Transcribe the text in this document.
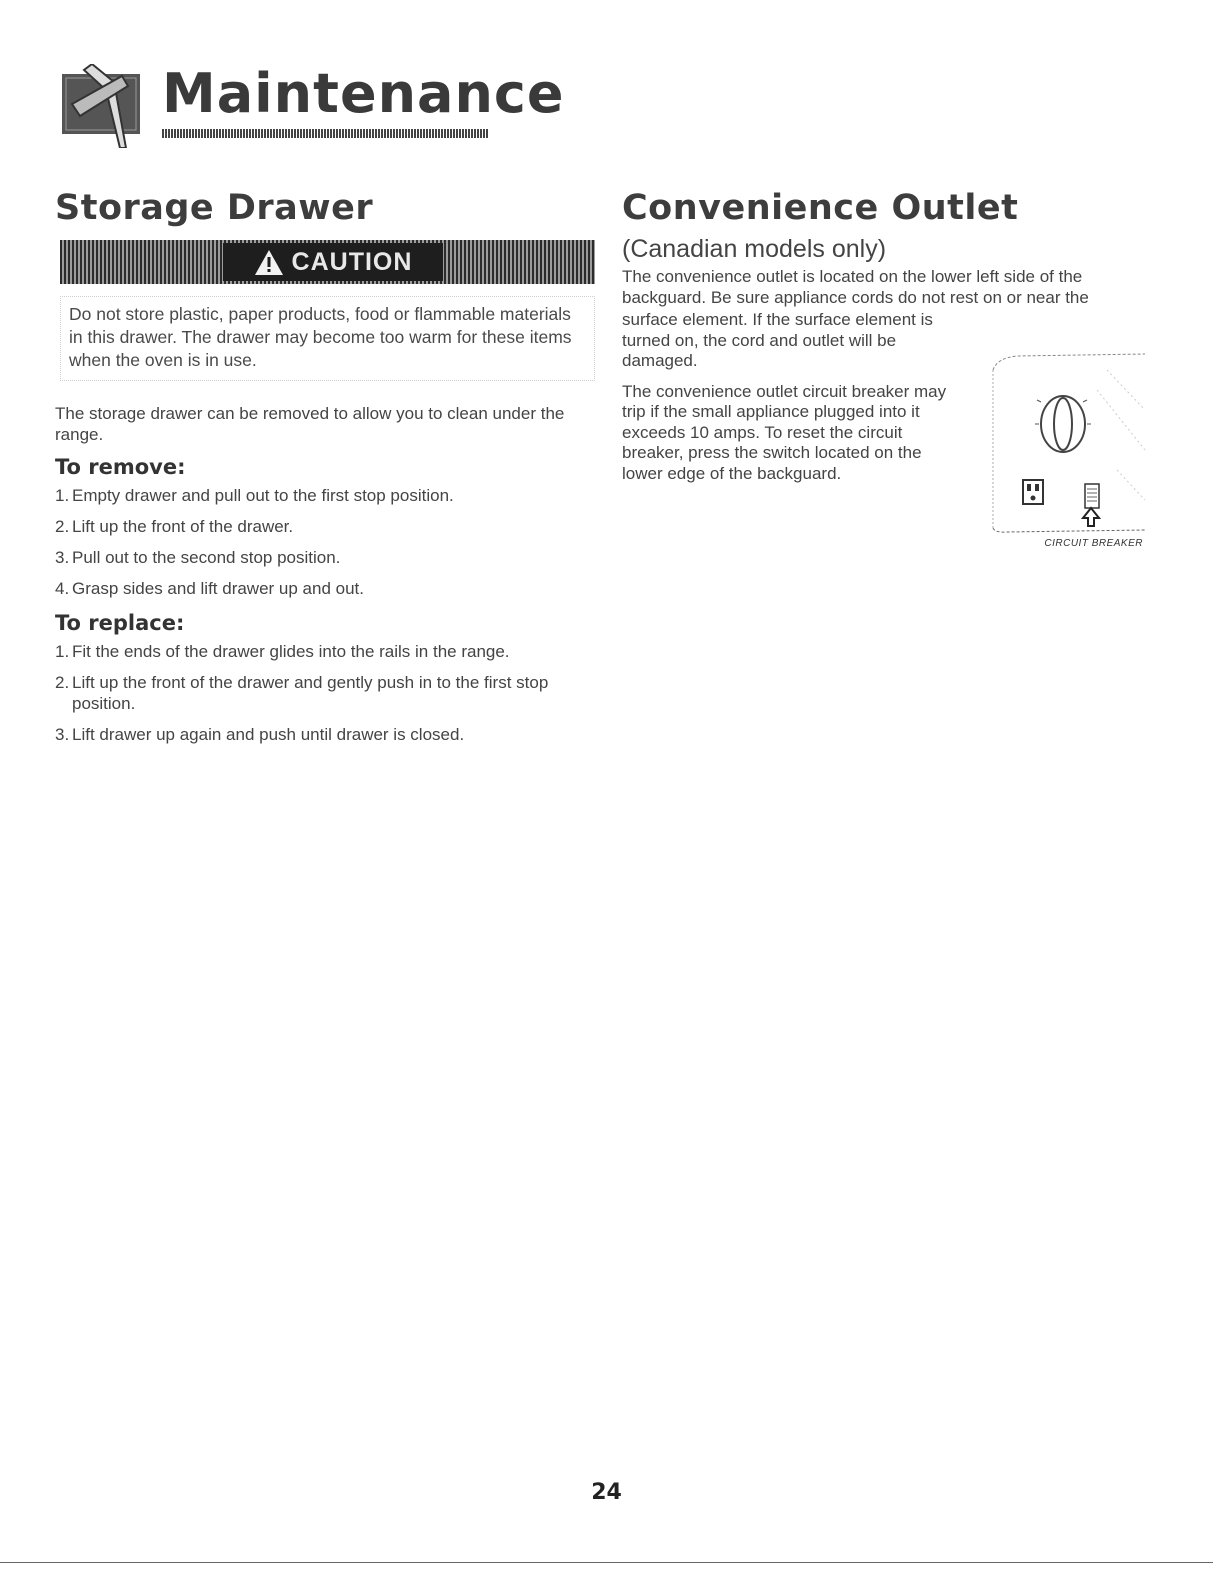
Maintenance
Storage Drawer
CAUTION
Do not store plastic, paper products, food or flammable materials in this drawer. The drawer may become too warm for these items when the oven is in use.

The storage drawer can be removed to allow you to clean under the range.

To remove:
1. Empty drawer and pull out to the first stop position.
2. Lift up the front of the drawer.
3. Pull out to the second stop position.
4. Grasp sides and lift drawer up and out.
To replace:
1. Fit the ends of the drawer glides into the rails in the range.
2. Lift up the front of the drawer and gently push in to the first stop position.
3. Lift drawer up again and push until drawer is closed.
Convenience Outlet

(Canadian models only)

The convenience outlet is located on the lower left side of the backguard. Be sure appliance cords do not rest on or near the

surface element. If the surface element is turned on, the cord and outlet will be damaged.

The convenience outlet circuit breaker may trip if the small appliance plugged into it exceeds 10 amps. To reset the circuit breaker, press the switch located on the lower edge of the backguard.

CIRCUIT BREAKER
24
